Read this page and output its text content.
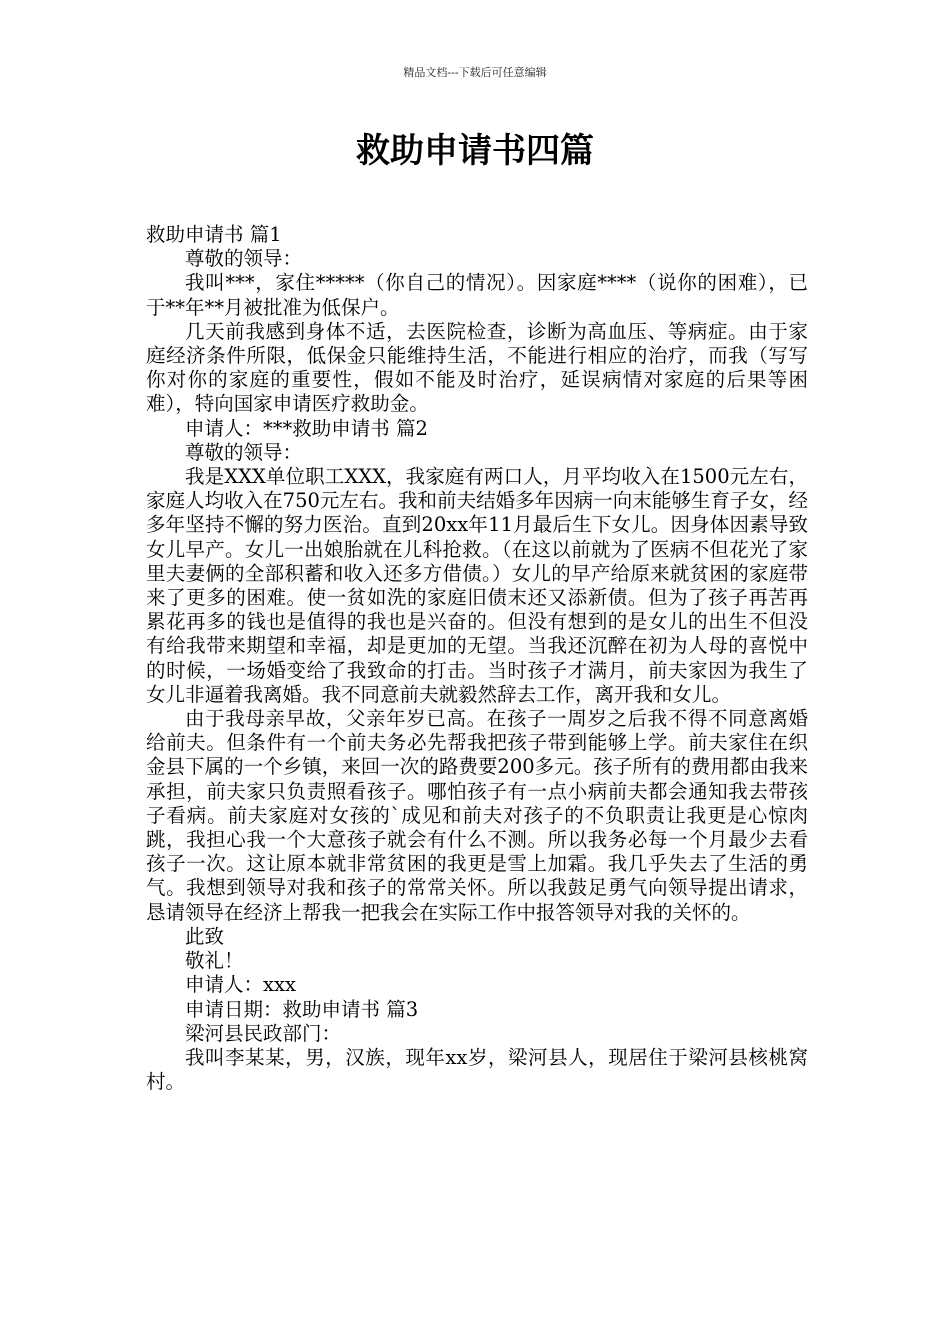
精品文档---下载后可任意编辑
救助申请书四篇

救助申请书 篇1

尊敬的领导：

我叫***，家住*****（你自己的情况）。因家庭****（说你的困难），已于**年**月被批准为低保户。

几天前我感到身体不适，去医院检查，诊断为高血压、等病症。由于家庭经济条件所限，低保金只能维持生活，不能进行相应的治疗，而我（写写你对你的家庭的重要性，假如不能及时治疗，延误病情对家庭的后果等困难），特向国家申请医疗救助金。

申请人：***救助申请书 篇2

尊敬的领导：

我是XXX单位职工XXX，我家庭有两口人，月平均收入在1500元左右，家庭人均收入在750元左右。我和前夫结婚多年因病一向末能够生育子女，经多年坚持不懈的努力医治。直到20xx年11月最后生下女儿。因身体因素导致女儿早产。女儿一出娘胎就在儿科抢救。（在这以前就为了医病不但花光了家里夫妻俩的全部积蓄和收入还多方借债。）女儿的早产给原来就贫困的家庭带来了更多的困难。使一贫如洗的家庭旧债末还又添新债。但为了孩子再苦再累花再多的钱也是值得的我也是兴奋的。但没有想到的是女儿的出生不但没有给我带来期望和幸福，却是更加的无望。当我还沉醉在初为人母的喜悦中的时候，一场婚变给了我致命的打击。当时孩子才满月，前夫家因为我生了女儿非逼着我离婚。我不同意前夫就毅然辞去工作，离开我和女儿。

由于我母亲早故，父亲年岁已高。在孩子一周岁之后我不得不同意离婚给前夫。但条件有一个前夫务必先帮我把孩子带到能够上学。前夫家住在织金县下属的一个乡镇，来回一次的路费要200多元。孩子所有的费用都由我来承担，前夫家只负责照看孩子。哪怕孩子有一点小病前夫都会通知我去带孩子看病。前夫家庭对女孩的`成见和前夫对孩子的不负职责让我更是心惊肉跳，我担心我一个大意孩子就会有什么不测。所以我务必每一个月最少去看孩子一次。这让原本就非常贫困的我更是雪上加霜。我几乎失去了生活的勇气。我想到领导对我和孩子的常常关怀。所以我鼓足勇气向领导提出请求，恳请领导在经济上帮我一把我会在实际工作中报答领导对我的关怀的。

此致

敬礼！

申请人：xxx

申请日期：救助申请书 篇3

梁河县民政部门：

我叫李某某，男，汉族，现年xx岁，梁河县人，现居住于梁河县核桃窝村。
